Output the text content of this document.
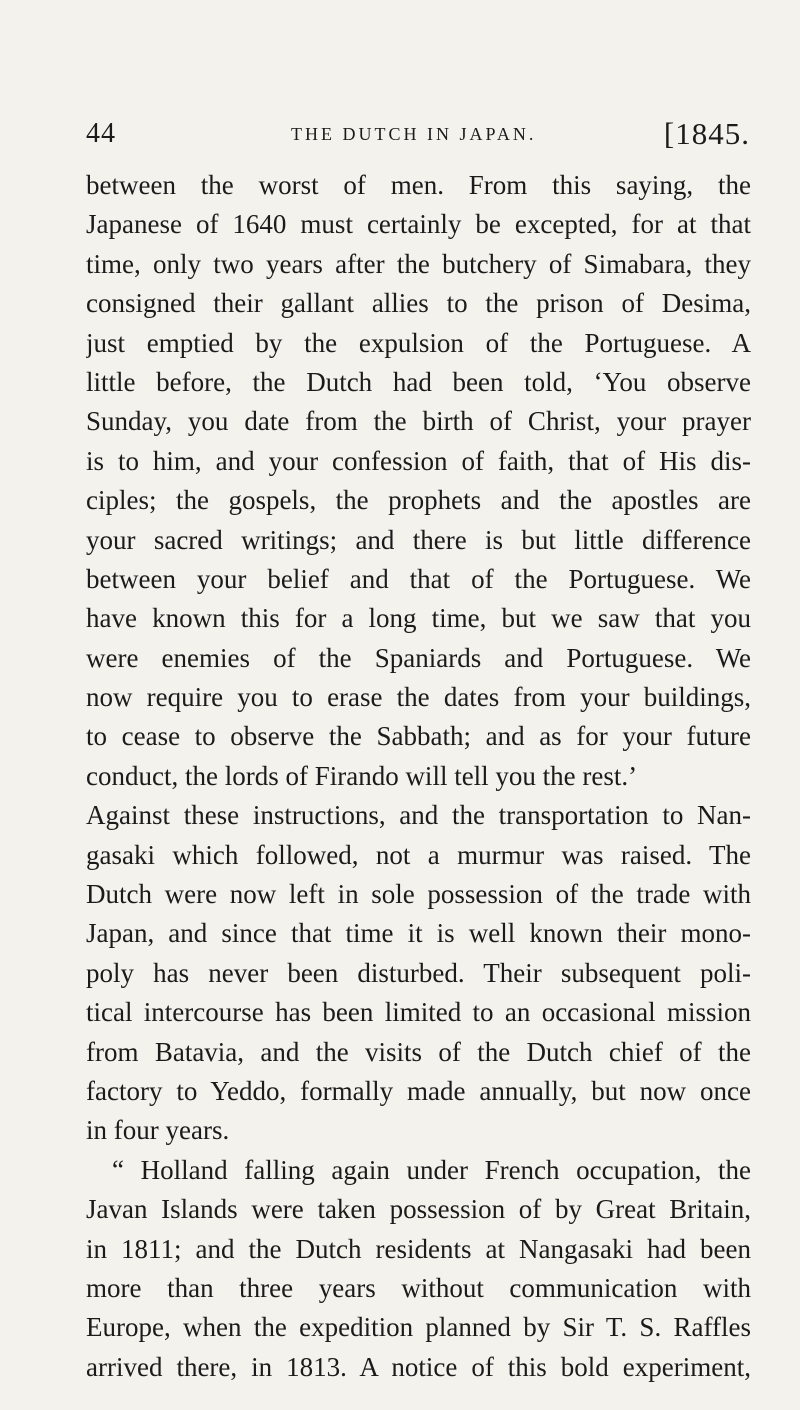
44	THE DUTCH IN JAPAN.	[1845.
between the worst of men. From this saying, the
Japanese of 1640 must certainly be excepted, for at that
time, only two years after the butchery of Simabara, they
consigned their gallant allies to the prison of Desima,
just emptied by the expulsion of the Portuguese. A
little before, the Dutch had been told, ‘You observe
Sunday, you date from the birth of Christ, your prayer
is to him, and your confession of faith, that of His dis-
ciples; the gospels, the prophets and the apostles are
your sacred writings; and there is but little difference
between your belief and that of the Portuguese. We
have known this for a long time, but we saw that you
were enemies of the Spaniards and Portuguese. We
now require you to erase the dates from your buildings,
to cease to observe the Sabbath; and as for your future
conduct, the lords of Firando will tell you the rest.’
Against these instructions, and the transportation to Nan-
gasaki which followed, not a murmur was raised. The
Dutch were now left in sole possession of the trade with
Japan, and since that time it is well known their mono-
poly has never been disturbed. Their subsequent poli-
tical intercourse has been limited to an occasional mission
from Batavia, and the visits of the Dutch chief of the
factory to Yeddo, formally made annually, but now once
in four years.
“ Holland falling again under French occupation, the
Javan Islands were taken possession of by Great Britain,
in 1811; and the Dutch residents at Nangasaki had been
more than three years without communication with
Europe, when the expedition planned by Sir T. S. Raffles
arrived there, in 1813. A notice of this bold experiment,
